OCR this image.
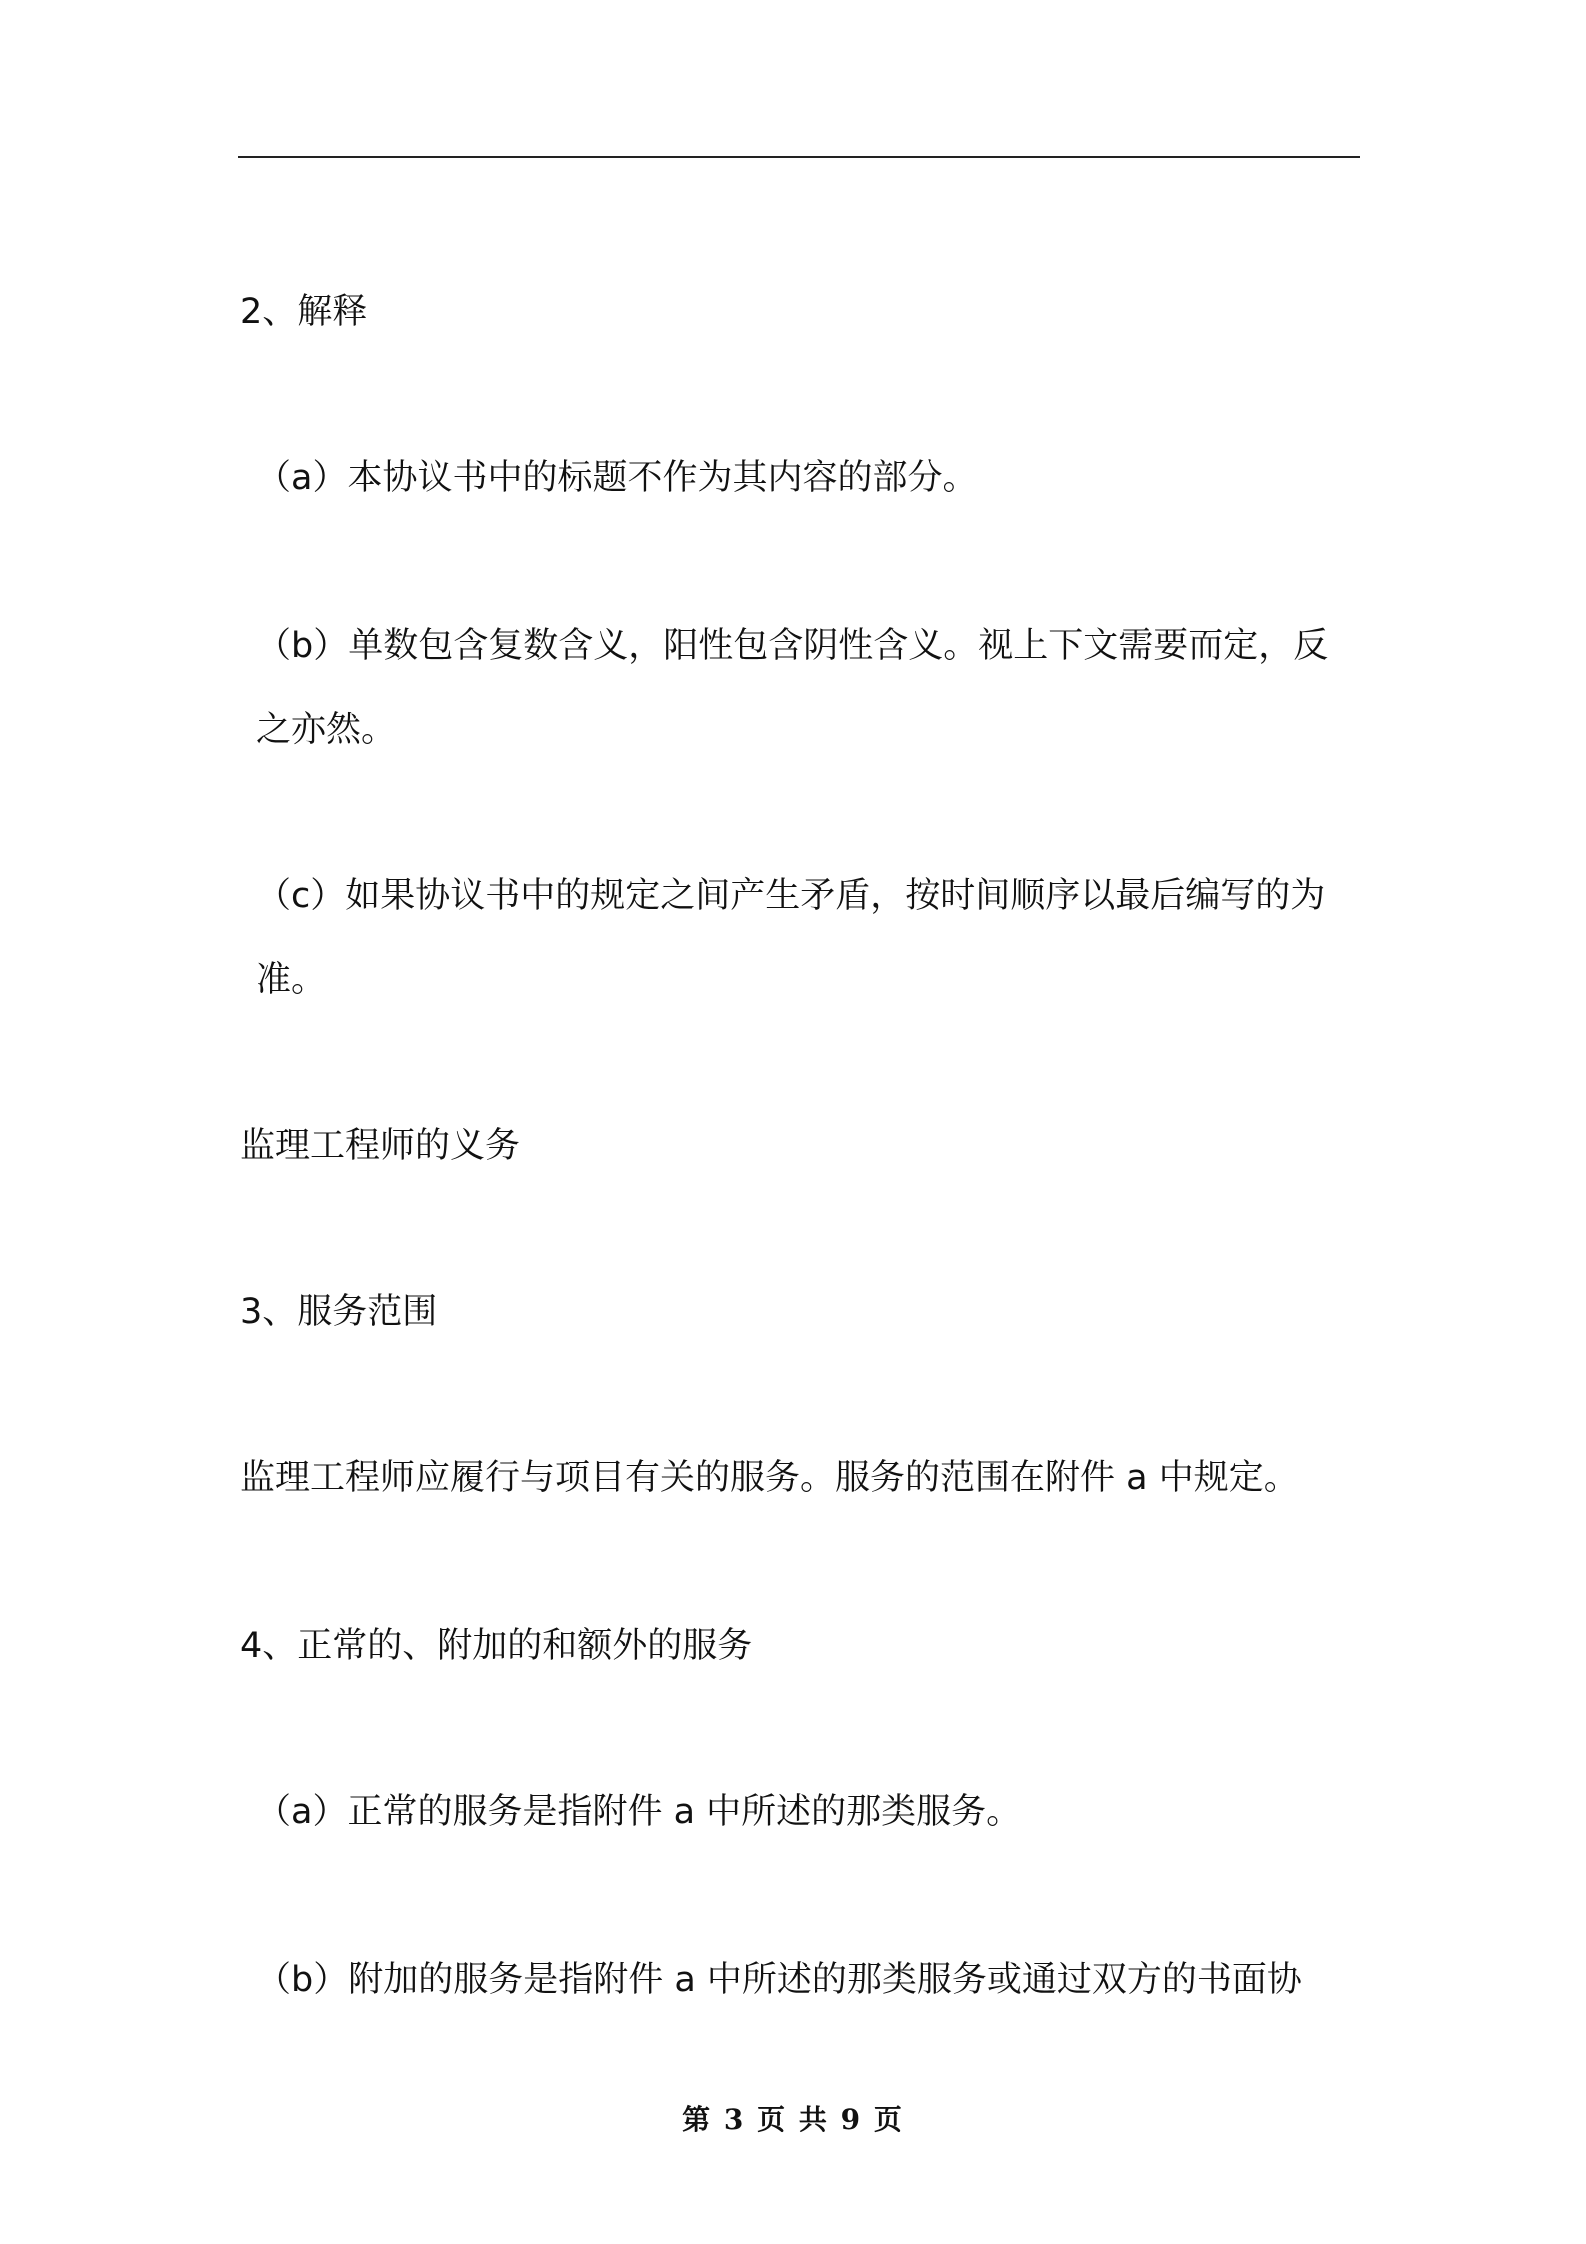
2、解释

（a）本协议书中的标题不作为其内容的部分。

（b）单数包含复数含义，阳性包含阴性含义。视上下文需要而定，反之亦然。

（c）如果协议书中的规定之间产生矛盾，按时间顺序以最后编写的为准。

监理工程师的义务

3、服务范围

监理工程师应履行与项目有关的服务。服务的范围在附件 a 中规定。

4、正常的、附加的和额外的服务

（a）正常的服务是指附件 a 中所述的那类服务。

（b）附加的服务是指附件 a 中所述的那类服务或通过双方的书面协

第 3 页 共 9 页
